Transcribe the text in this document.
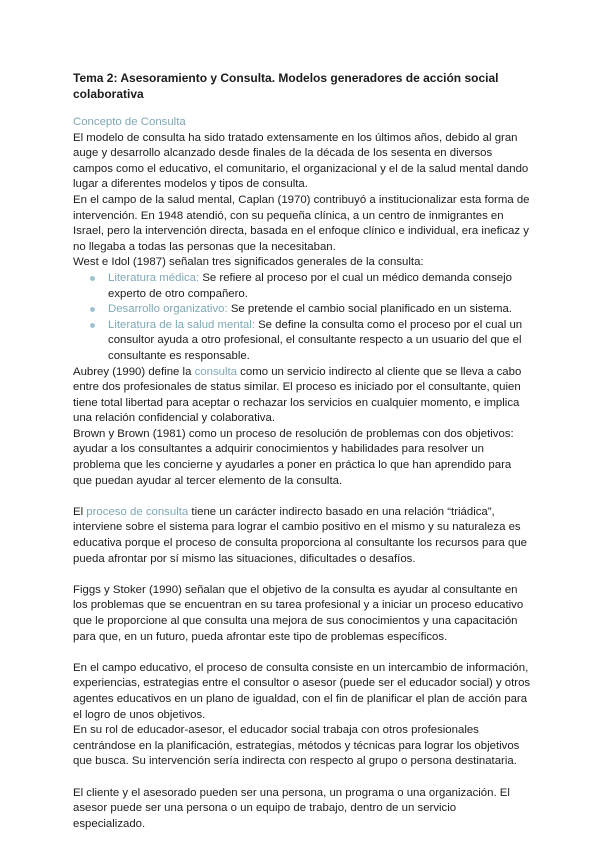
Tema 2: Asesoramiento y Consulta. Modelos generadores de acción social colaborativa

Concepto de Consulta

El modelo de consulta ha sido tratado extensamente en los últimos años, debido al gran auge y desarrollo alcanzado desde finales de la década de los sesenta en diversos campos como el educativo, el comunitario, el organizacional y el de la salud mental dando lugar a diferentes modelos y tipos de consulta.

En el campo de la salud mental, Caplan (1970) contribuyó a institucionalizar esta forma de intervención. En 1948 atendió, con su pequeña clínica, a un centro de inmigrantes en Israel, pero la intervención directa, basada en el enfoque clínico e individual, era ineficaz y no llegaba a todas las personas que la necesitaban.

West e Idol (1987) señalan tres significados generales de la consulta:

Literatura médica: Se refiere al proceso por el cual un médico demanda consejo experto de otro compañero.
Desarrollo organizativo: Se pretende el cambio social planificado en un sistema.
Literatura de la salud mental: Se define la consulta como el proceso por el cual un consultor ayuda a otro profesional, el consultante respecto a un usuario del que el consultante es responsable.

Aubrey (1990) define la consulta como un servicio indirecto al cliente que se lleva a cabo entre dos profesionales de status similar. El proceso es iniciado por el consultante, quien tiene total libertad para aceptar o rechazar los servicios en cualquier momento, e implica una relación confidencial y colaborativa.

Brown y Brown (1981) como un proceso de resolución de problemas con dos objetivos: ayudar a los consultantes a adquirir conocimientos y habilidades para resolver un problema que les concierne y ayudarles a poner en práctica lo que han aprendido para que puedan ayudar al tercer elemento de la consulta.

El proceso de consulta tiene un carácter indirecto basado en una relación “triádica”, interviene sobre el sistema para lograr el cambio positivo en el mismo y su naturaleza es educativa porque el proceso de consulta proporciona al consultante los recursos para que pueda afrontar por sí mismo las situaciones, dificultades o desafíos.

Figgs y Stoker (1990) señalan que el objetivo de la consulta es ayudar al consultante en los problemas que se encuentran en su tarea profesional y a iniciar un proceso educativo que le proporcione al que consulta una mejora de sus conocimientos y una capacitación para que, en un futuro, pueda afrontar este tipo de problemas específicos.

En el campo educativo, el proceso de consulta consiste en un intercambio de información, experiencias, estrategias entre el consultor o asesor (puede ser el educador social) y otros agentes educativos en un plano de igualdad, con el fin de planificar el plan de acción para el logro de unos objetivos.

En su rol de educador-asesor, el educador social trabaja con otros profesionales centrándose en la planificación, estrategias, métodos y técnicas para lograr los objetivos que busca. Su intervención sería indirecta con respecto al grupo o persona destinataria.

El cliente y el asesorado pueden ser una persona, un programa o una organización. El asesor puede ser una persona o un equipo de trabajo, dentro de un servicio especializado.
